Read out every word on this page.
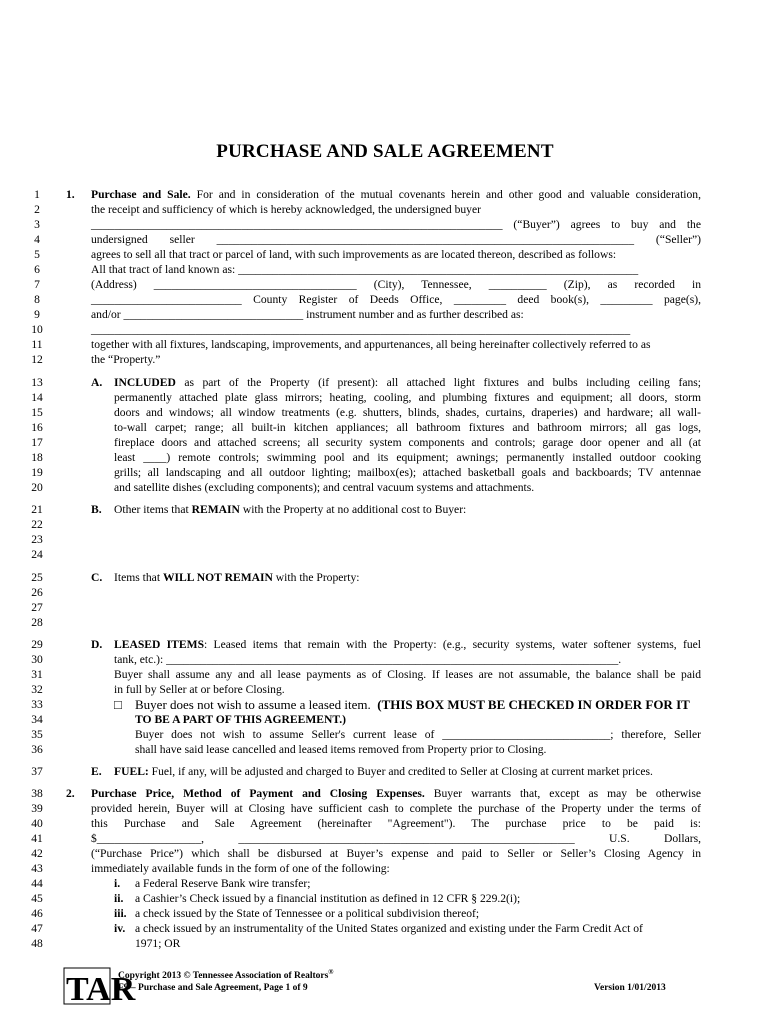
PURCHASE AND SALE AGREEMENT
1	1. Purchase and Sale. For and in consideration of the mutual covenants herein and other good and valuable consideration,
2	the receipt and sufficiency of which is hereby acknowledged, the undersigned buyer
3	_______________________________________________________________________ (“Buyer”) agrees to buy and the
4	undersigned seller ________________________________________________________________________ (“Seller”)
5	agrees to sell all that tract or parcel of land, with such improvements as are located thereon, described as follows:
6	All that tract of land known as: _____________________________________________________________________
7	(Address) ___________________________________ (City), Tennessee, __________ (Zip), as recorded in
8	__________________________ County Register of Deeds Office, _________ deed book(s), _________ page(s),
9	and/or _______________________________ instrument number and as further described as:
10	_____________________________________________________________________________________________
11	together with all fixtures, landscaping, improvements, and appurtenances, all being hereinafter collectively referred to as
12	the “Property.”
13	A. INCLUDED as part of the Property (if present): all attached light fixtures and bulbs including ceiling fans;
14	permanently attached plate glass mirrors; heating, cooling, and plumbing fixtures and equipment; all doors, storm
15	doors and windows; all window treatments (e.g. shutters, blinds, shades, curtains, draperies) and hardware; all wall-
16	to-wall carpet; range; all built-in kitchen appliances; all bathroom fixtures and bathroom mirrors; all gas logs,
17	fireplace doors and attached screens; all security system components and controls; garage door opener and all (at
18	least ____) remote controls; swimming pool and its equipment; awnings; permanently installed outdoor cooking
19	grills; all landscaping and all outdoor lighting; mailbox(es); attached basketball goals and backboards; TV antennae
20	and satellite dishes (excluding components); and central vacuum systems and attachments.
21	B. Other items that REMAIN with the Property at no additional cost to Buyer:
22
23
24
25	C. Items that WILL NOT REMAIN with the Property:
26
27
28
29	D. LEASED ITEMS: Leased items that remain with the Property: (e.g., security systems, water softener systems, fuel
30	tank, etc.): ______________________________________________________________________________.
31	Buyer shall assume any and all lease payments as of Closing. If leases are not assumable, the balance shall be paid
32	in full by Seller at or before Closing.
33	□ Buyer does not wish to assume a leased item.  (THIS BOX MUST BE CHECKED IN ORDER FOR IT
34	TO BE A PART OF THIS AGREEMENT.)
35	Buyer does not wish to assume Seller's current lease of _____________________________; therefore, Seller
36	shall have said lease cancelled and leased items removed from Property prior to Closing.
37	E. FUEL: Fuel, if any, will be adjusted and charged to Buyer and credited to Seller at Closing at current market prices.
38	2. Purchase Price, Method of Payment and Closing Expenses. Buyer warrants that, except as may be otherwise
39	provided herein, Buyer will at Closing have sufficient cash to complete the purchase of the Property under the terms of
40	this Purchase and Sale Agreement (hereinafter "Agreement"). The purchase price to be paid is:
41	$__________________, __________________________________________________________ U.S. Dollars,
42	(“Purchase Price”) which shall be disbursed at Buyer’s expense and paid to Seller or Seller’s Closing Agency in
43	immediately available funds in the form of one of the following:
44	i. a Federal Reserve Bank wire transfer;
45	ii. a Cashier’s Check issued by a financial institution as defined in 12 CFR § 229.2(i);
46	iii. a check issued by the State of Tennessee or a political subdivision thereof;
47	iv. a check issued by an instrumentality of the United States organized and existing under the Farm Credit Act of
48	1971; OR
TAR
Copyright 2013 © Tennessee Association of Realtors®
F9 – Purchase and Sale Agreement, Page 1 of 9	Version 1/01/2013
